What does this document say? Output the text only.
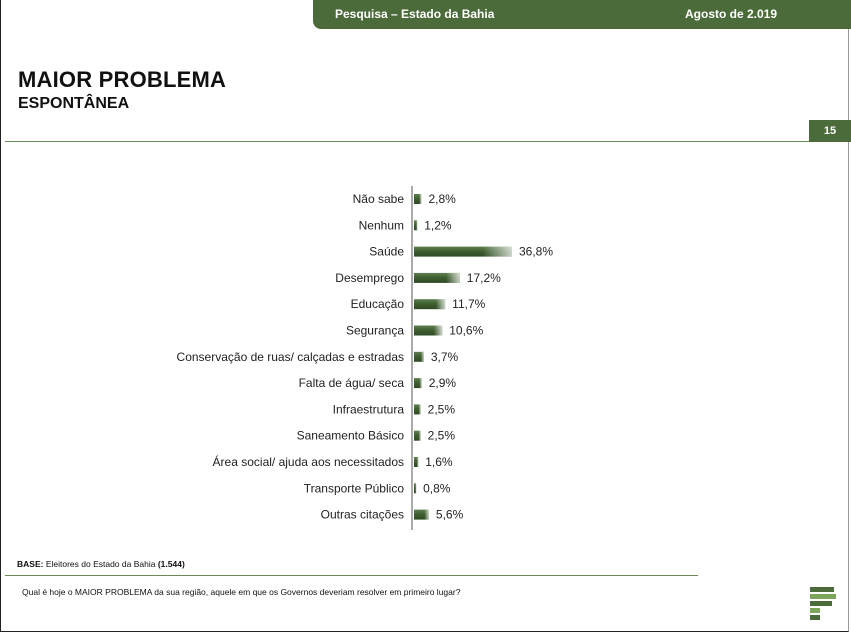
Pesquisa – Estado da Bahia	Agosto de 2.019
MAIOR PROBLEMA
ESPONTÂNEA
15
Não sabe 2,8%
Nenhum 1,2%
Saúde	36,8%
Desemprego	17,2%
Educação	11,7%
Segurança	10,6%
Conservação de ruas/ calçadas e estradas 3,7%
Falta de água/ seca 2,9%
Infraestrutura 2,5%
Saneamento Básico 2,5%
Área social/ ajuda aos necessitados 1,6%
Transporte Público 0,8%
Outras citações	5,6%
BASE: Eleitores do Estado da Bahia (1.544)
Qual é hoje o MAIOR PROBLEMA da sua região, aquele em que os Governos deveriam resolver em primeiro lugar?
